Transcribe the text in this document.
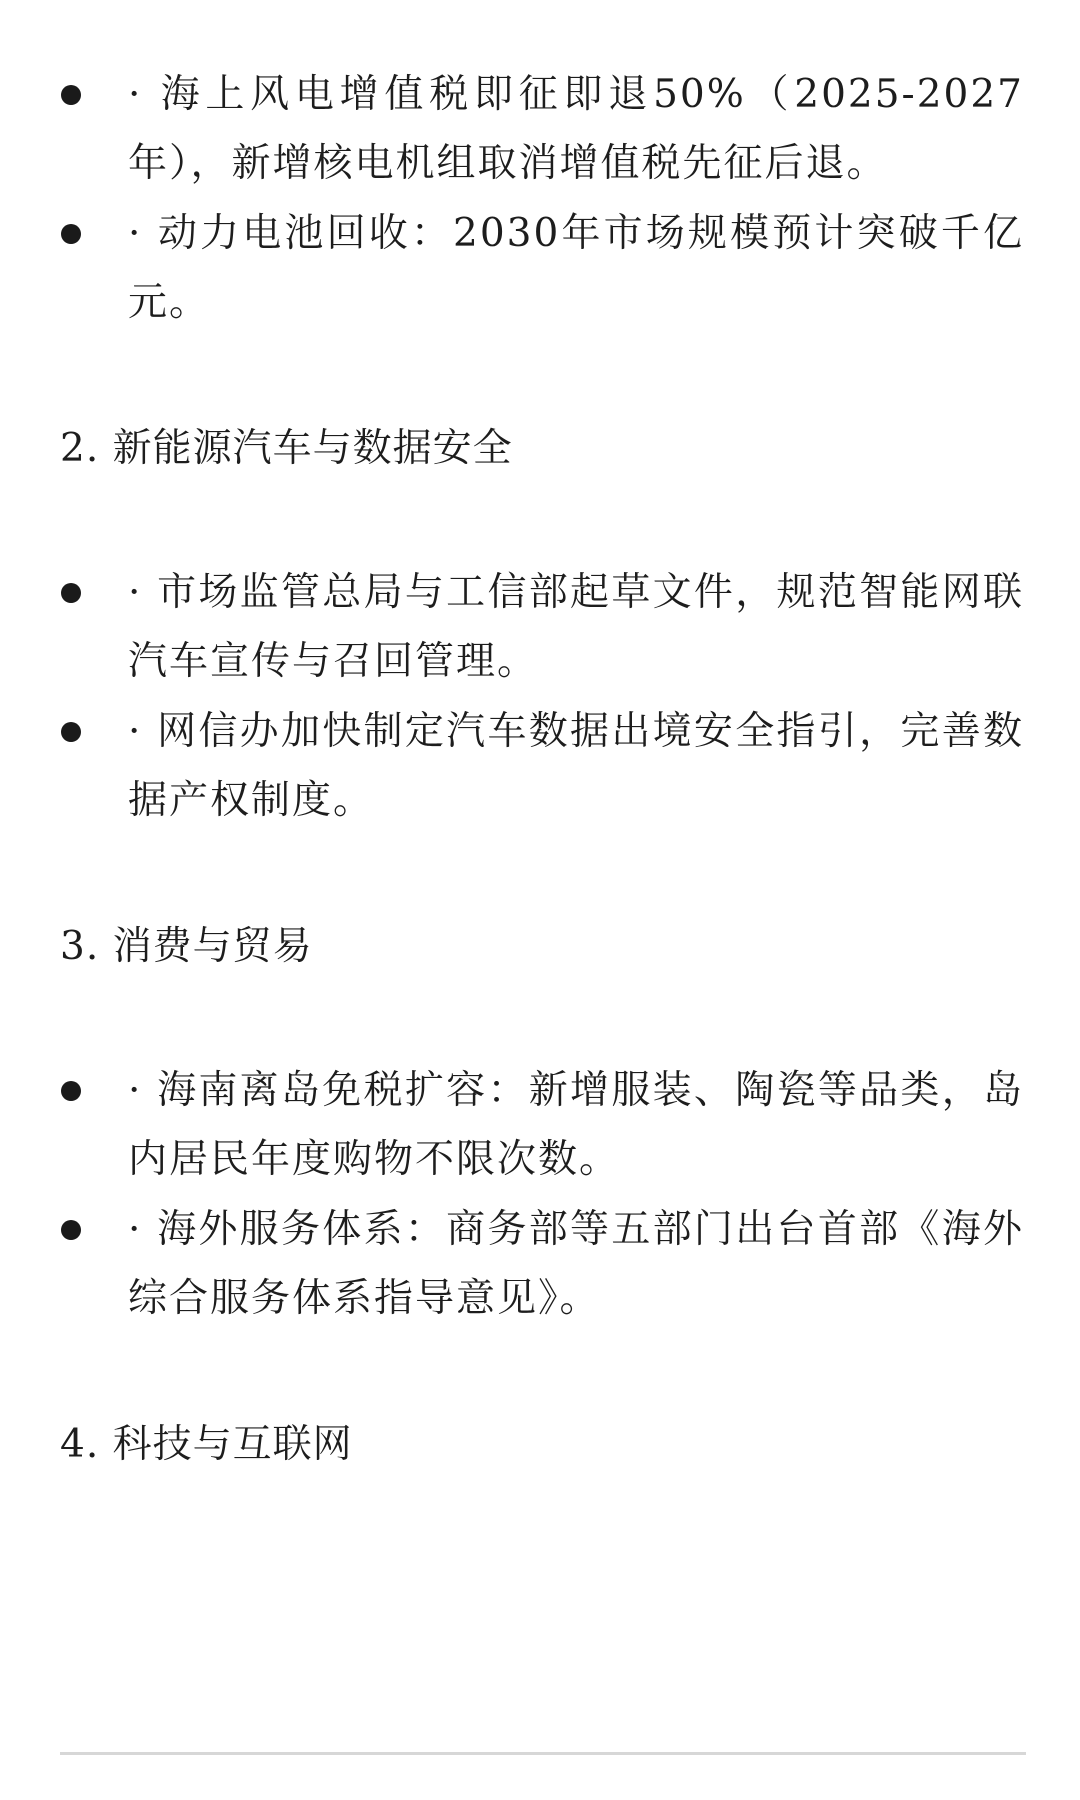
· 海上风电增值税即征即退50%（2025-2027年），新增核电机组取消增值税先征后退。
· 动力电池回收：2030年市场规模预计突破千亿元。
2. 新能源汽车与数据安全
· 市场监管总局与工信部起草文件，规范智能网联汽车宣传与召回管理。
· 网信办加快制定汽车数据出境安全指引，完善数据产权制度。
3. 消费与贸易
· 海南离岛免税扩容：新增服装、陶瓷等品类，岛内居民年度购物不限次数。
· 海外服务体系：商务部等五部门出台首部《海外综合服务体系指导意见》。
4. 科技与互联网
